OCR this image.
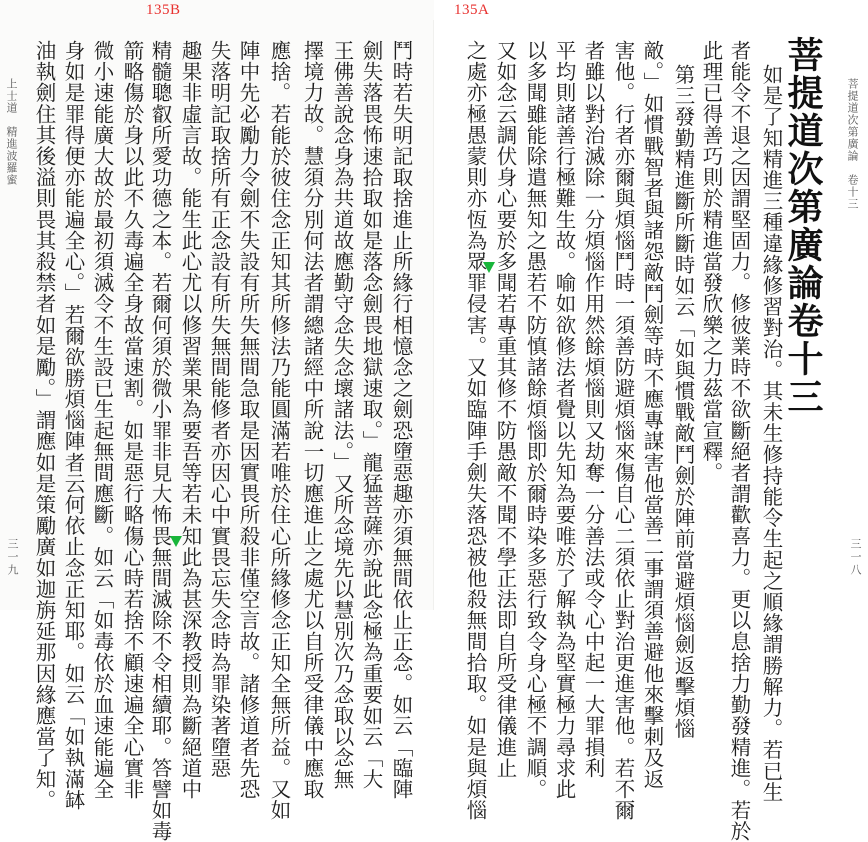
135B
鬥時若失明記取捨進止所緣行相憶念之劍恐墮惡趣亦須無間依止正念。如云「臨陣
劍失落畏怖速拾取如是落念劍畏地獄速取。」龍猛菩薩亦說此念極為重要如云「大
王佛善說念身為共道故應勤守念失念壞諸法。」又所念境先以慧別次乃念取以念無
擇境力故。慧須分別何法者謂總諸經中所說一切應進止之處尤以自所受律儀中應取
應捨。若能於彼住念正知其所修法乃能圓滿若唯於住心所緣修念正知全無所益。又如
陣中先必勵力令劍不失設有所失無間急取是因實畏所殺非僅空言故。諸修道者先恐
失落明記取捨所有正念設有所失無間能修者亦因心中實畏忘失念時為罪染著墮惡
趣果非虛言故。能生此心尤以修習業果為要吾等若未知此為甚深教授則為斷絕道中
精髓聰叡所愛功德之本。若爾何須於微小罪非見大怖畏無間滅除不令相續耶。答譬如毒
箭略傷於身以此不久毒遍全身故當速割。如是惡行略傷心時若捨不顧速遍全心實非
微小速能廣大故於最初須滅令不生設已生起無間應斷。如云「如毒依於血速能遍全
身如是罪得便亦能遍全心。」若爾欲勝煩惱陣者云何依止念正知耶。如云「如執滿缽
油執劍住其後溢則畏其殺禁者如是勵。」謂應如是策勵廣如迦旃延那因緣應當了知。
上士道　精進波羅蜜
三一九
135A
菩提道次第廣論　卷十三
菩提道次第廣論卷十三
如是了知精進三種違緣修習對治。其未生修持能令生起之順緣謂勝解力。若已生
者能令不退之因謂堅固力。修彼業時不欲斷絕者謂歡喜力。更以息捨力勤發精進。若於
此理已得善巧則於精進當發欣樂之力茲當宣釋。
第三發勤精進斷所斷時如云「如與慣戰敵鬥劍於陣前當避煩惱劍返擊煩惱
敵。」如慣戰智者與諸怨敵鬥劍等時不應專謀害他當善二事謂須善避他來擊刺及返
害他。行者亦爾與煩惱鬥時一須善防避煩惱來傷自心二須依止對治更進害他。若不爾
者雖以對治滅除一分煩惱作用然餘煩惱則又劫奪一分善法或令心中起一大罪損利
平均則諸善行極難生故。喻如欲修法者覺以先知為要唯於了解執為堅實極力尋求此
以多聞雖能除遣無知之愚若不防慎諸餘煩惱即於爾時染多惡行致令身心極不調順。
又如念云調伏身心要於多聞若專重其修不防愚敵不聞不學正法即自所受律儀進止
之處亦極愚蒙則亦恆為眾罪侵害。又如臨陣手劍失落恐被他殺無間拾取。如是與煩惱	三一八
